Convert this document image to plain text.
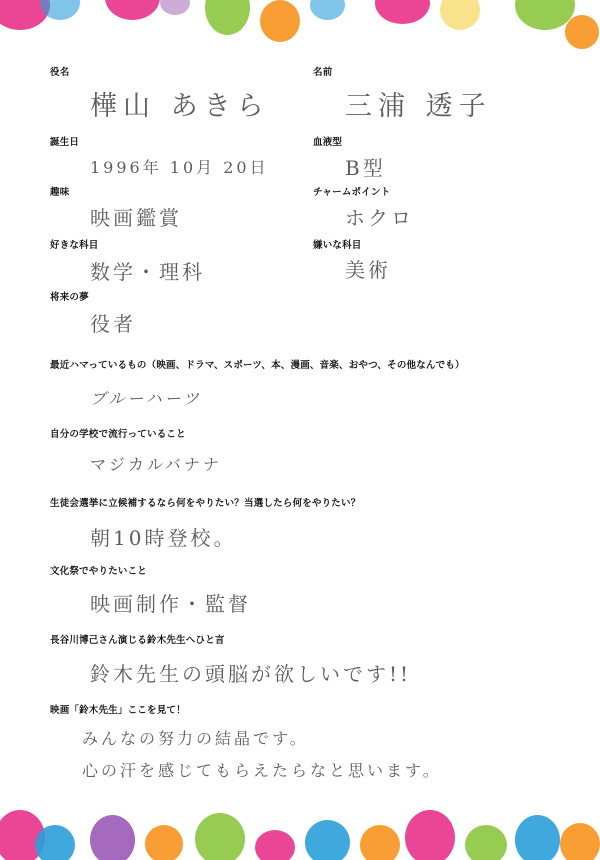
役名
樺山 あきら
名前
三浦 透子
誕生日
1996年 10月 20日
血液型
B型
趣味
映画鑑賞
チャームポイント
ホクロ
好きな科目
数学・理科
嫌いな科目
美術
将来の夢
役者
最近ハマっているもの（映画、ドラマ、スポーツ、本、漫画、音楽、おやつ、その他なんでも）
ブルーハーツ
自分の学校で流行っていること
マジカルバナナ
生徒会選挙に立候補するなら何をやりたい？当選したら何をやりたい？
朝10時登校。
文化祭でやりたいこと
映画制作・監督
長谷川博己さん演じる鈴木先生へひと言
鈴木先生の頭脳が欲しいです!!
映画「鈴木先生」ここを見て！
みんなの努力の結晶です。
心の汗を感じてもらえたらなと思います。
